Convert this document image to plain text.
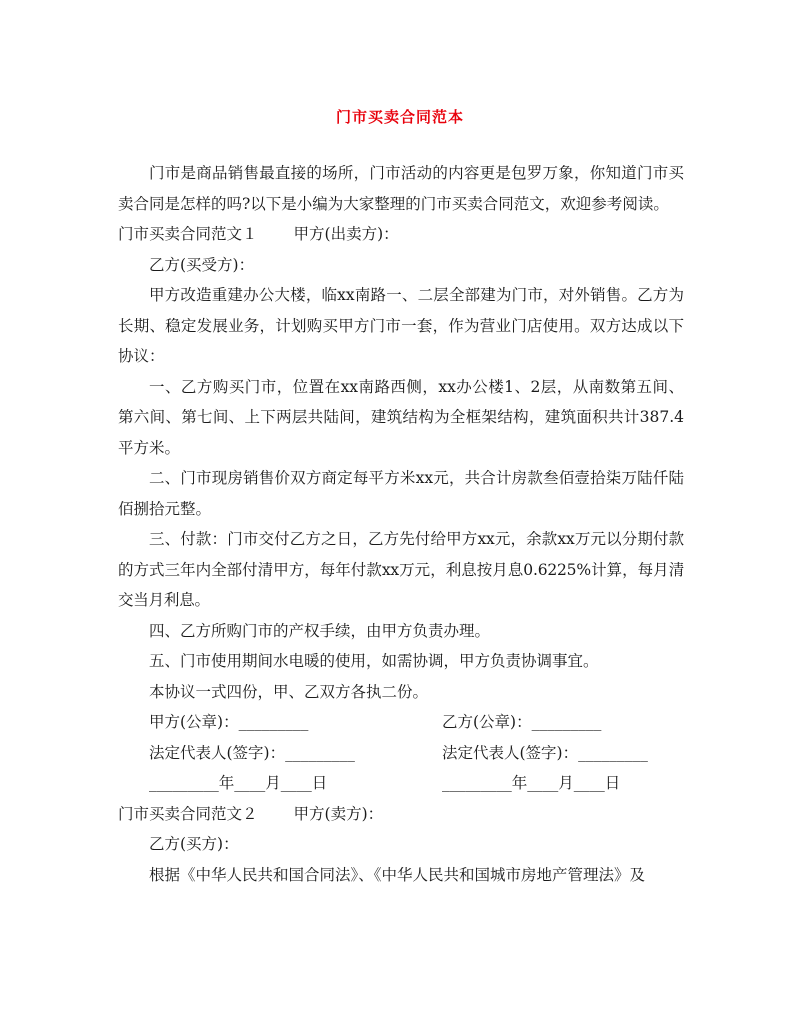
门市买卖合同范本

门市是商品销售最直接的场所，门市活动的内容更是包罗万象，你知道门市买卖合同是怎样的吗?以下是小编为大家整理的门市买卖合同范文，欢迎参考阅读。

门市买卖合同范文１ 甲方(出卖方)：

乙方(买受方)：

甲方改造重建办公大楼，临xx南路一、二层全部建为门市，对外销售。乙方为长期、稳定发展业务，计划购买甲方门市一套，作为营业门店使用。双方达成以下协议：

一、乙方购买门市，位置在xx南路西侧，xx办公楼1、2层，从南数第五间、第六间、第七间、上下两层共陆间，建筑结构为全框架结构，建筑面积共计387.4平方米。

二、门市现房销售价双方商定每平方米xx元，共合计房款叁佰壹拾柒万陆仟陆佰捌拾元整。

三、付款：门市交付乙方之日，乙方先付给甲方xx元，余款xx万元以分期付款的方式三年内全部付清甲方，每年付款xx万元，利息按月息0.6225%计算，每月清交当月利息。

四、乙方所购门市的产权手续，由甲方负责办理。

五、门市使用期间水电暖的使用，如需协调，甲方负责协调事宜。

本协议一式四份，甲、乙双方各执二份。

甲方(公章)：_________	乙方(公章)：_________
法定代表人(签字)：_________	法定代表人(签字)：_________
_________年____月____日	_________年____月____日
门市买卖合同范文２ 甲方(卖方)：

乙方(买方)：

根据《中华人民共和国合同法》、《中华人民共和国城市房地产管理法》及
